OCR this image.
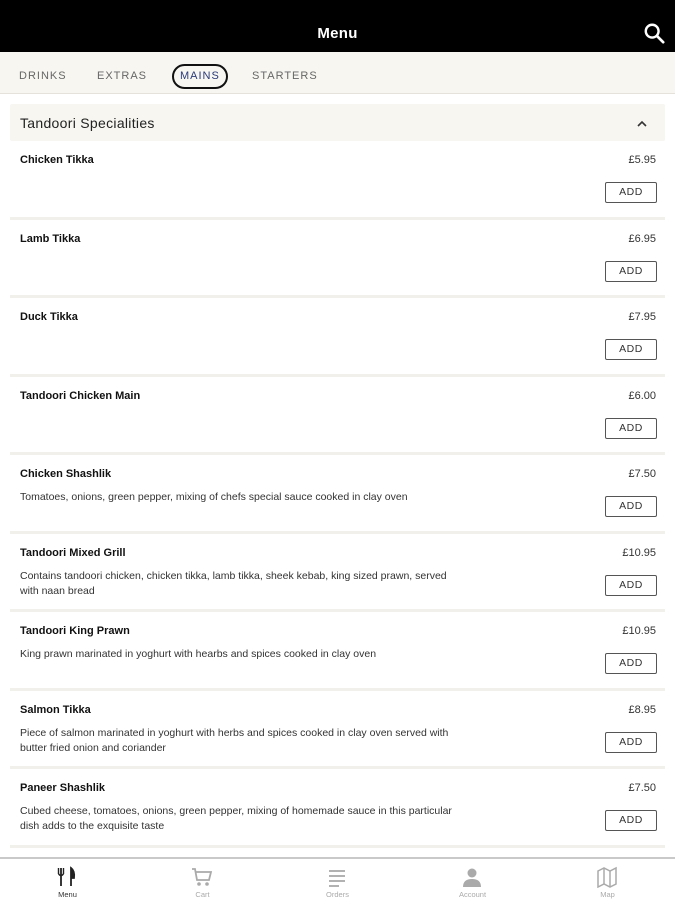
Menu
DRINKS	EXTRAS	MAINS	STARTERS
Tandoori Specialities
Chicken Tikka	£5.95
ADD
Lamb Tikka	£6.95
ADD
Duck Tikka	£7.95
ADD
Tandoori Chicken Main	£6.00
ADD
Chicken Shashlik	£7.50
Tomatoes, onions, green pepper, mixing of chefs special sauce cooked in clay oven
ADD
Tandoori Mixed Grill	£10.95
Contains tandoori chicken, chicken tikka, lamb tikka, sheek kebab, king sized prawn, served with naan bread	ADD
Tandoori King Prawn	£10.95
King prawn marinated in yoghurt with hearbs and spices cooked in clay oven
ADD
Salmon Tikka	£8.95
Piece of salmon marinated in yoghurt with herbs and spices cooked in clay oven served with butter fried onion and coriander	ADD
Paneer Shashlik	£7.50
Cubed cheese, tomatoes, onions, green pepper, mixing of homemade sauce in this particular dish adds to the exquisite taste	ADD
Menu	Cart	Orders	Account	Map
